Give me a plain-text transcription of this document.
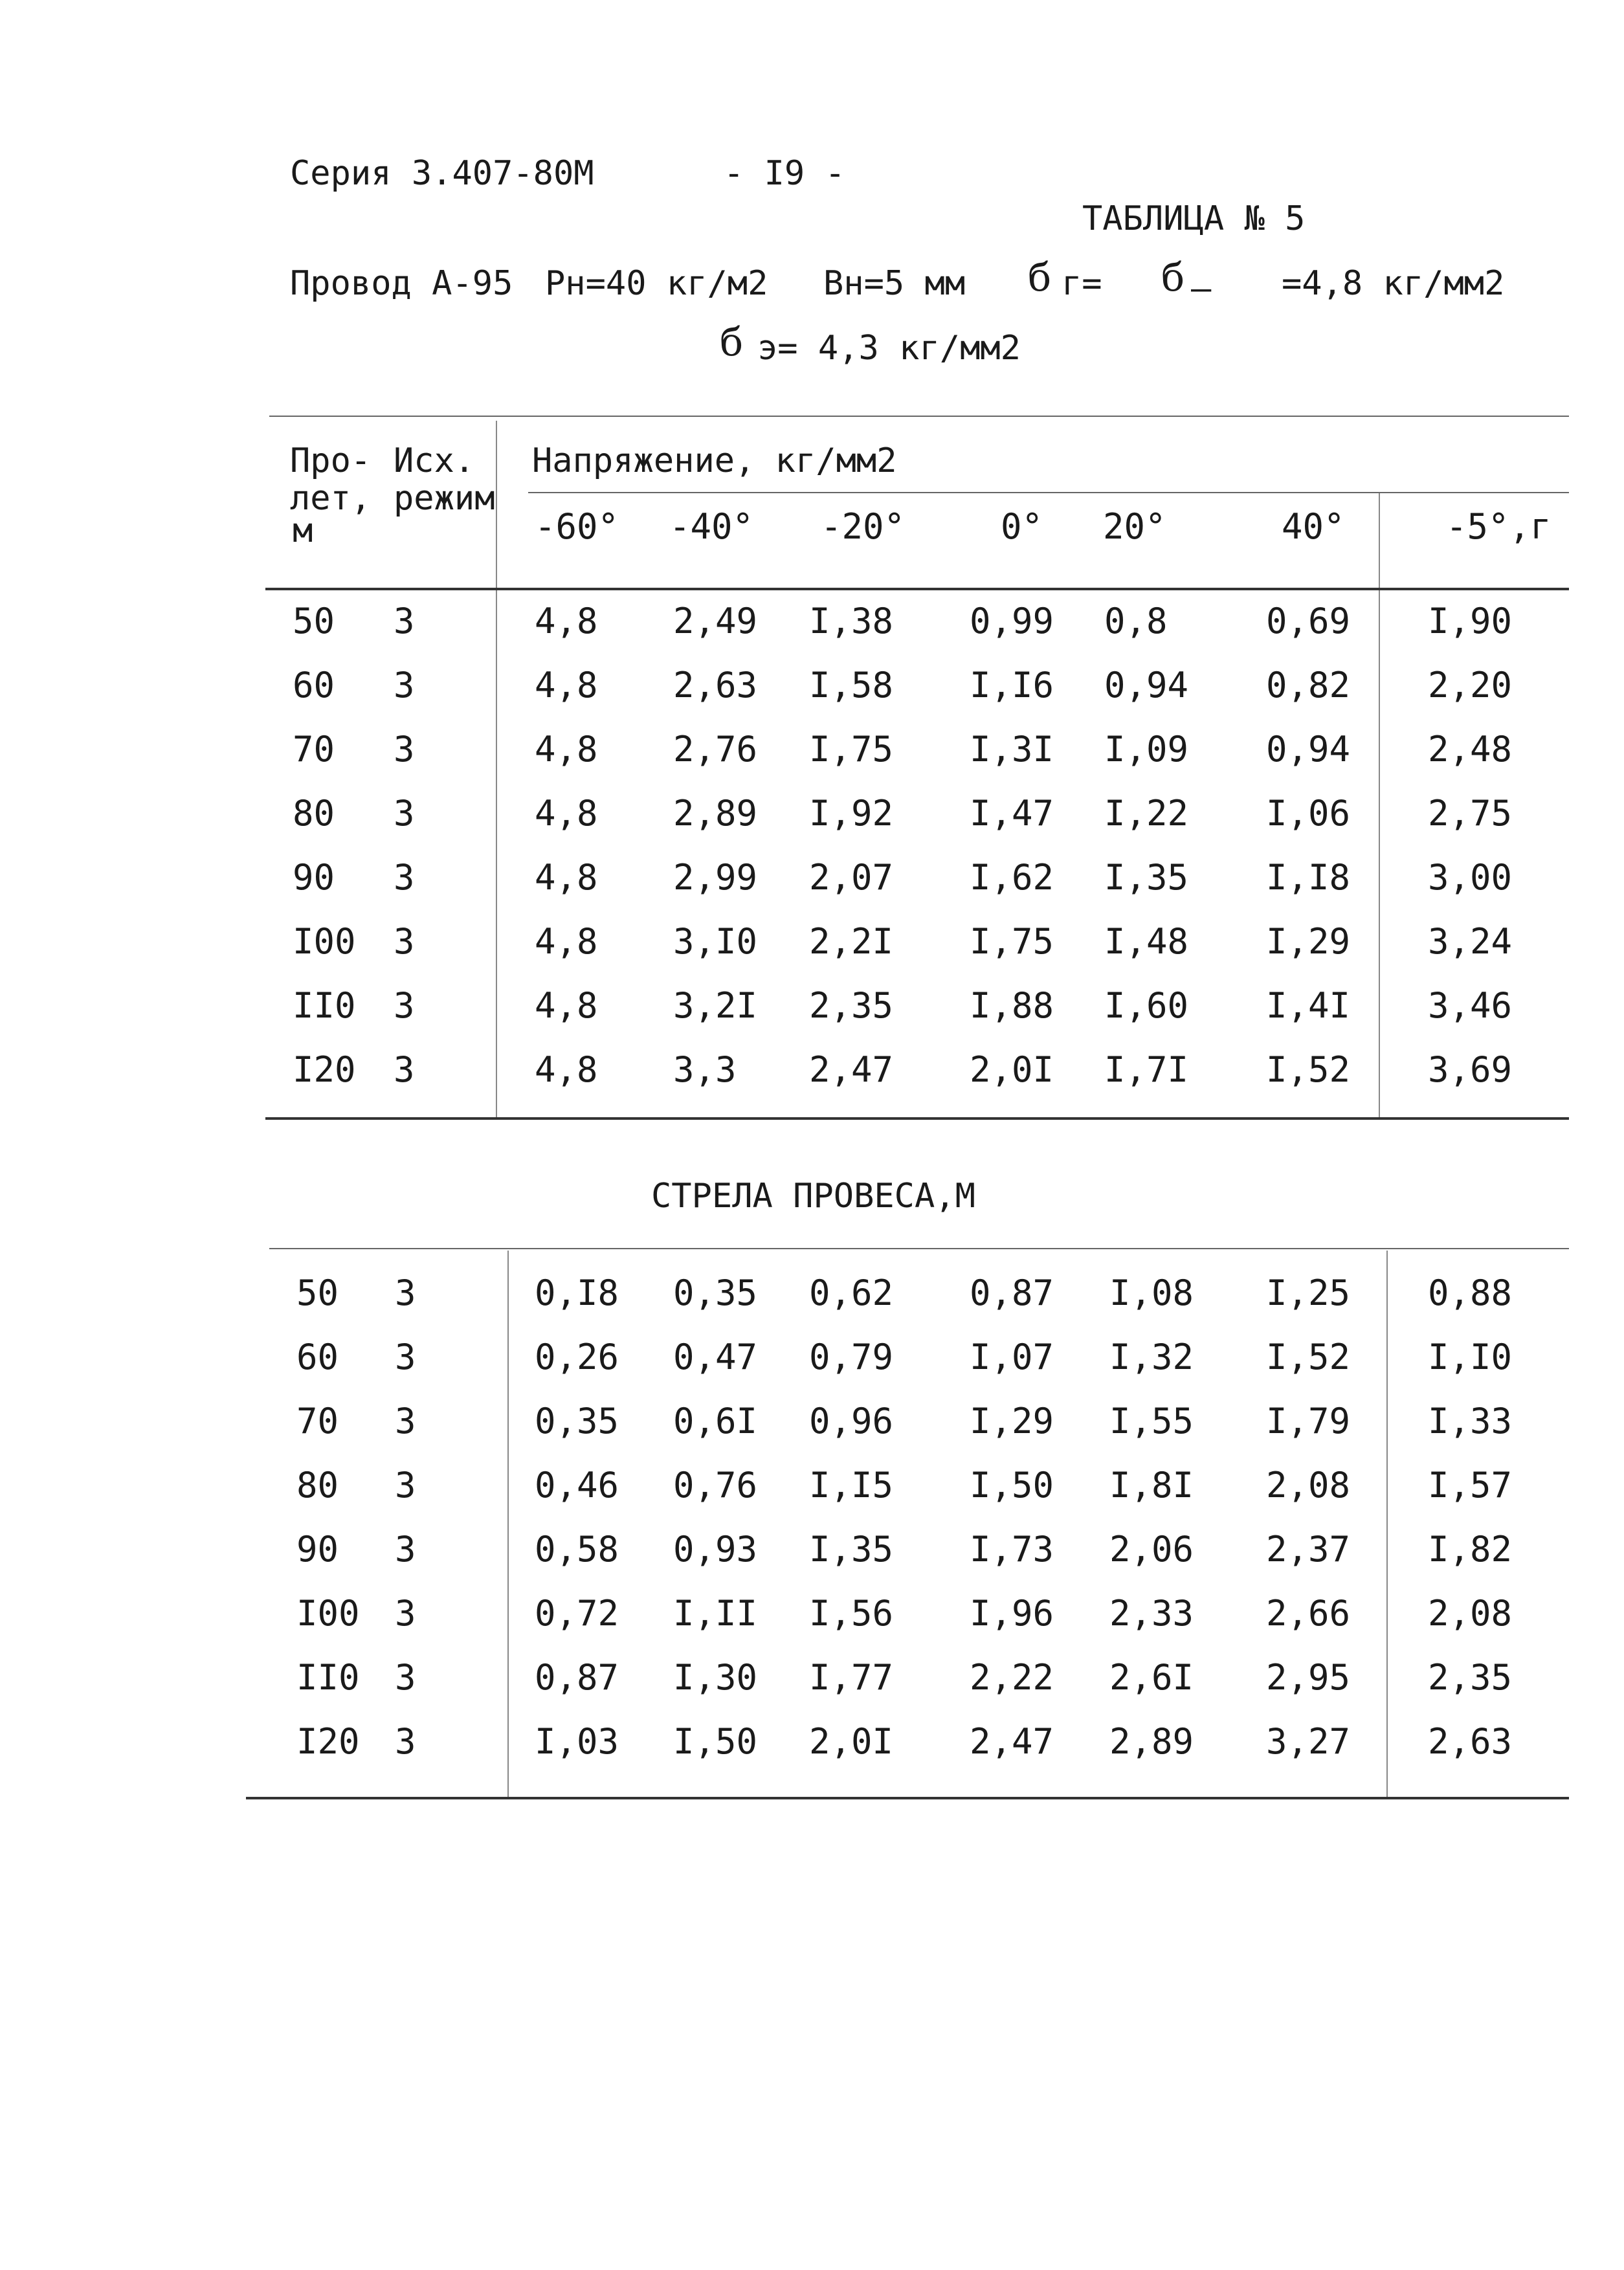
Серия 3.407-80М	- I9 -
ТАБЛИЦА № 5
Провод А-95 Рн=40 кг/м2 Вн=5 мм б г= б – =4,8 кг/мм2
б э= 4,3 кг/мм2
Про-
лет,
м
Исх.
режим
Напряжение, кг/мм2
-60° -40° -20°	0° 20°	40°	-5°,г
50 3	4,8 2,49 I,38 0,99 0,8	0,69 I,90
60 3	4,8 2,63 I,58 I,I6 0,94 0,82 2,20
70 3	4,8 2,76 I,75 I,3I I,09 0,94 2,48
80 3	4,8 2,89 I,92 I,47 I,22 I,06 2,75
90 3	4,8 2,99 2,07 I,62 I,35 I,I8 3,00
I00 3	4,8 3,I0 2,2I I,75 I,48 I,29 3,24
II0 3	4,8 3,2I 2,35 I,88 I,60 I,4I 3,46
I20 3	4,8 3,3 2,47 2,0I I,7I I,52 3,69
СТРЕЛА ПРОВЕСА,М
50 3	0,I8 0,35 0,62 0,87 I,08 I,25 0,88
60 3	0,26 0,47 0,79 I,07 I,32 I,52 I,I0
70 3	0,35 0,6I 0,96 I,29 I,55 I,79 I,33
80 3	0,46 0,76 I,I5 I,50 I,8I 2,08 I,57
90 3	0,58 0,93 I,35 I,73 2,06 2,37 I,82
I00 3	0,72 I,II I,56 I,96 2,33 2,66 2,08
II0 3	0,87 I,30 I,77 2,22 2,6I 2,95 2,35
I20 3	I,03 I,50 2,0I 2,47 2,89 3,27 2,63
